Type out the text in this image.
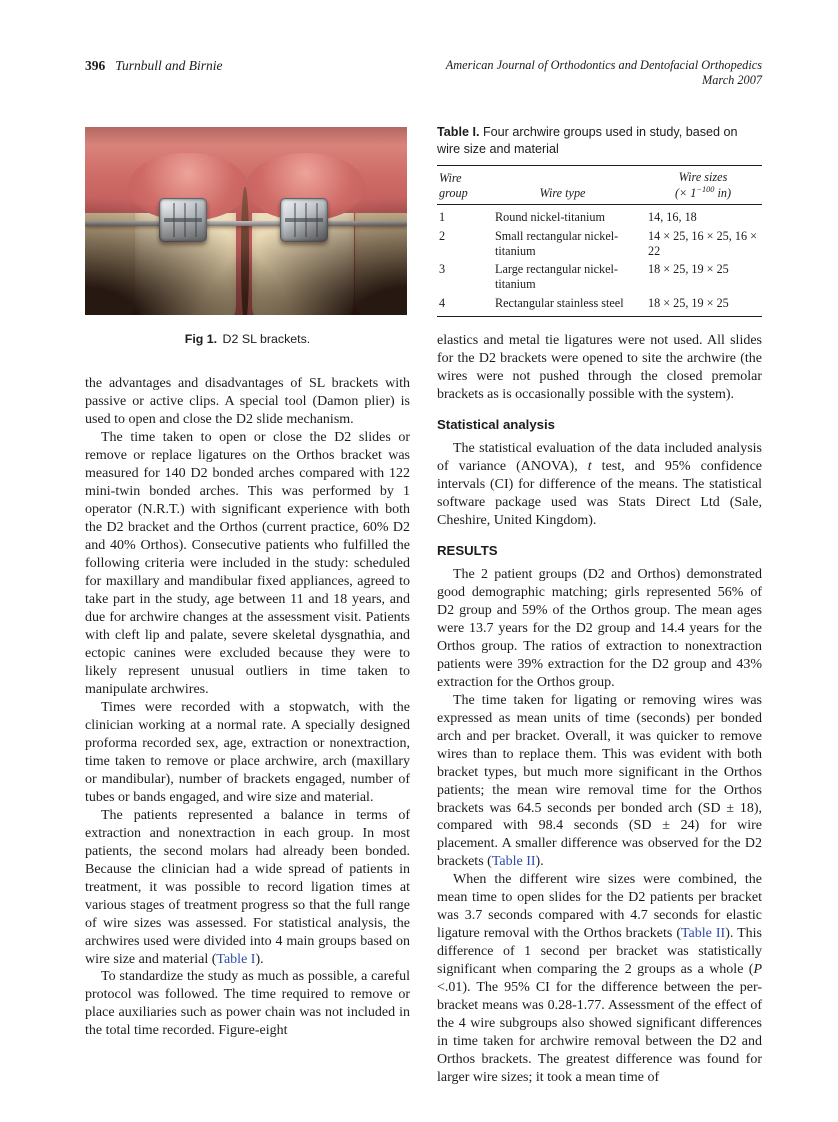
396 Turnbull and Birnie	American Journal of Orthodontics and Dentofacial Orthopedics
March 2007

Fig 1. D2 SL brackets.

the advantages and disadvantages of SL brackets with passive or active clips. A special tool (Damon plier) is used to open and close the D2 slide mechanism.

The time taken to open or close the D2 slides or remove or replace ligatures on the Orthos bracket was measured for 140 D2 bonded arches compared with 122 mini-twin bonded arches. This was performed by 1 operator (N.R.T.) with significant experience with both the D2 bracket and the Orthos (current practice, 60% D2 and 40% Orthos). Consecutive patients who fulfilled the following criteria were included in the study: scheduled for maxillary and mandibular fixed appliances, agreed to take part in the study, age between 11 and 18 years, and due for archwire changes at the assessment visit. Patients with cleft lip and palate, severe skeletal dysgnathia, and ectopic canines were excluded because they were to likely represent unusual outliers in time taken to manipulate archwires.

Times were recorded with a stopwatch, with the clinician working at a normal rate. A specially designed proforma recorded sex, age, extraction or nonextraction, time taken to remove or place archwire, arch (maxillary or mandibular), number of brackets engaged, number of tubes or bands engaged, and wire size and material.

The patients represented a balance in terms of extraction and nonextraction in each group. In most patients, the second molars had already been bonded. Because the clinician had a wide spread of patients in treatment, it was possible to record ligation times at various stages of treatment progress so that the full range of wire sizes was assessed. For statistical analysis, the archwires used were divided into 4 main groups based on wire size and material (Table I).

To standardize the study as much as possible, a careful protocol was followed. The time required to remove or place auxiliaries such as power chain was not included in the total time recorded. Figure-eight

Table I. Four archwire groups used in study, based on wire size and material

Wire group	Wire type	Wire sizes
(× $1^{-100}$ in)
1	Round nickel-titanium	14, 16, 18
2	Small rectangular nickel-titanium	14 × 25, 16 × 25, 16 × 22
3	Large rectangular nickel-titanium	18 × 25, 19 × 25
4	Rectangular stainless steel	18 × 25, 19 × 25

elastics and metal tie ligatures were not used. All slides for the D2 brackets were opened to site the archwire (the wires were not pushed through the closed premolar brackets as is occasionally possible with the system).

Statistical analysis

The statistical evaluation of the data included analysis of variance (ANOVA), t test, and 95% confidence intervals (CI) for difference of the means. The statistical software package used was Stats Direct Ltd (Sale, Cheshire, United Kingdom).

RESULTS

The 2 patient groups (D2 and Orthos) demonstrated good demographic matching; girls represented 56% of D2 group and 59% of the Orthos group. The mean ages were 13.7 years for the D2 group and 14.4 years for the Orthos group. The ratios of extraction to nonextraction patients were 39% extraction for the D2 group and 43% extraction for the Orthos group.

The time taken for ligating or removing wires was expressed as mean units of time (seconds) per bonded arch and per bracket. Overall, it was quicker to remove wires than to replace them. This was evident with both bracket types, but much more significant in the Orthos patients; the mean wire removal time for the Orthos brackets was 64.5 seconds per bonded arch (SD ± 18), compared with 98.4 seconds (SD ± 24) for wire placement. A smaller difference was observed for the D2 brackets (Table II).

When the different wire sizes were combined, the mean time to open slides for the D2 patients per bracket was 3.7 seconds compared with 4.7 seconds for elastic ligature removal with the Orthos brackets (Table II). This difference of 1 second per bracket was statistically significant when comparing the 2 groups as a whole (P <.01). The 95% CI for the difference between the per-bracket means was 0.28-1.77. Assessment of the effect of the 4 wire subgroups also showed significant differences in time taken for archwire removal between the D2 and Orthos brackets. The greatest difference was found for larger wire sizes; it took a mean time of
